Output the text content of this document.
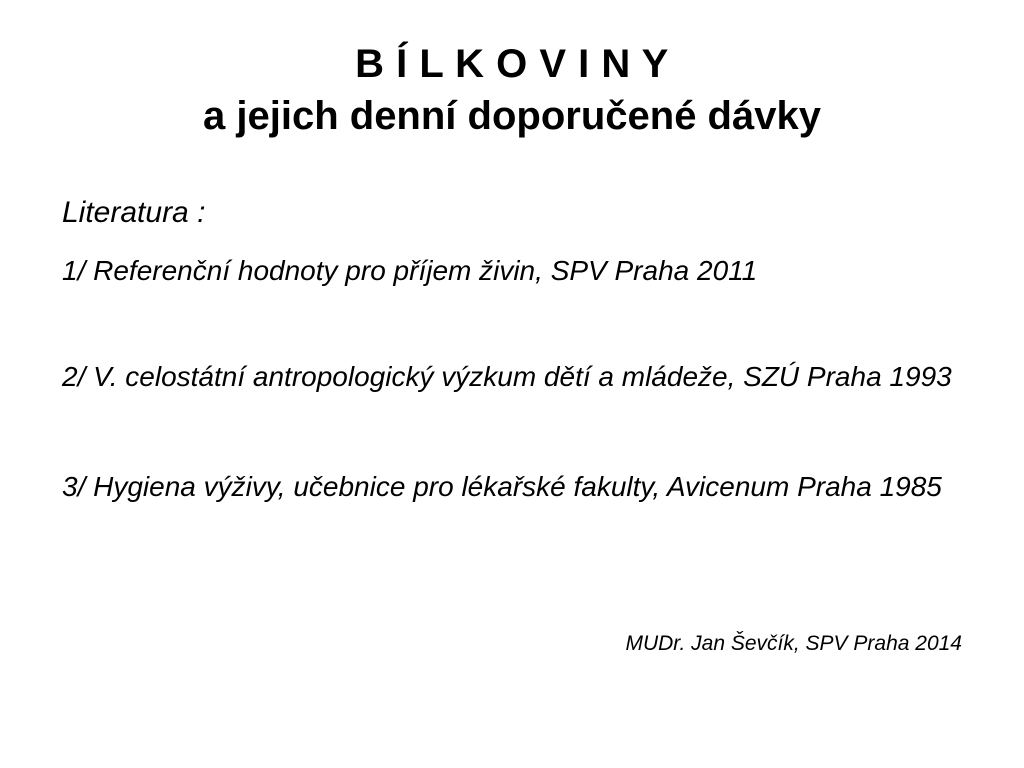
B Í L K O V I N Y
a jejich denní doporučené dávky

Literatura :

1/ Referenční hodnoty pro příjem živin, SPV Praha 2011

2/ V. celostátní antropologický výzkum dětí a mládeže, SZÚ Praha 1993

3/ Hygiena výživy, učebnice pro lékařské fakulty, Avicenum Praha 1985

MUDr. Jan Ševčík, SPV Praha 2014
